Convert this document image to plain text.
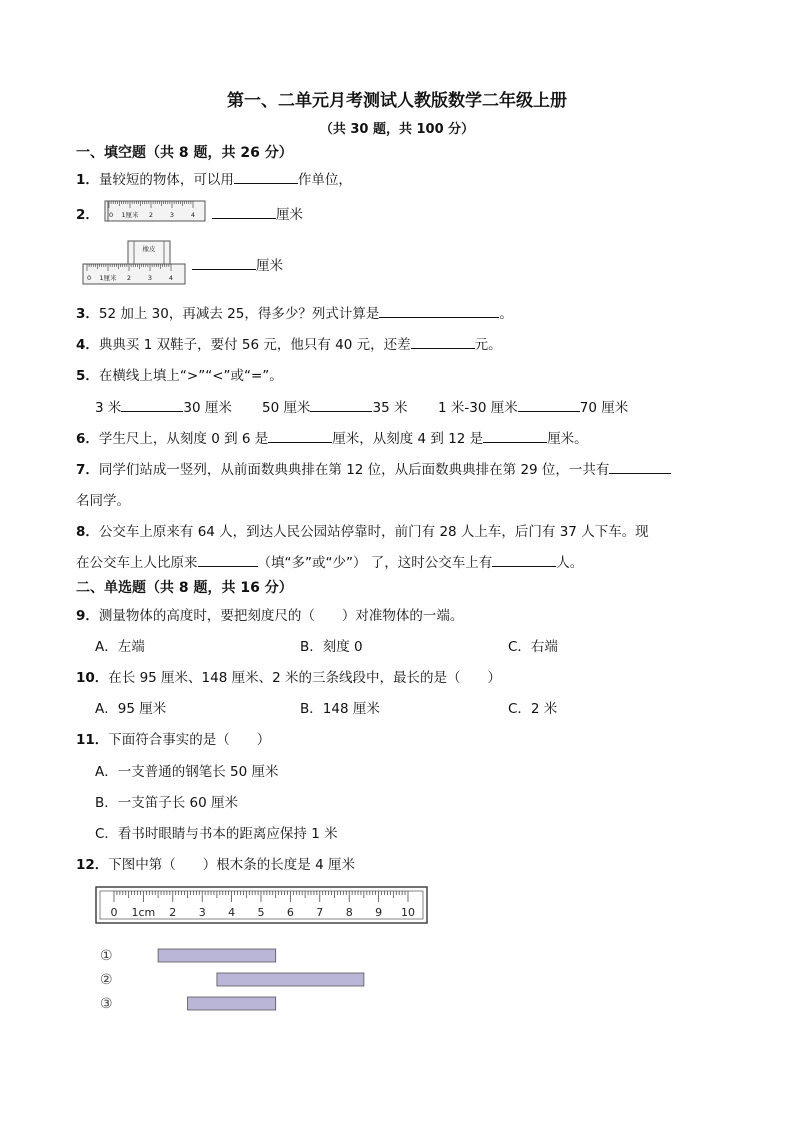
第一、二单元月考测试人教版数学二年级上册
（共 30 题，共 100 分）
一、填空题（共 8 题，共 26 分）
1．量较短的物体，可以用	作单位，
2． 0 1厘米 2	3	4	厘米
橡皮
0 1厘米 2	3	4
厘米
3．52 加上 30，再减去 25，得多少？列式计算是	。
4．典典买 1 双鞋子，要付 56 元，他只有 40 元，还差	元。
5．在横线上填上“>”“<”或“=”。
3 米	30 厘米 50 厘米	35 米 1 米-30 厘米	70 厘米
6．学生尺上，从刻度 0 到 6 是	厘米，从刻度 4 到 12 是	厘米。
7．同学们站成一竖列，从前面数典典排在第 12 位，从后面数典典排在第 29 位，一共有
名同学。
8．公交车上原来有 64 人，到达人民公园站停靠时，前门有 28 人上车，后门有 37 人下车。现
在公交车上人比原来	（填“多”或“少”） 了，这时公交车上有	人。
二、单选题（共 8 题，共 16 分）
9．测量物体的高度时，要把刻度尺的（　　）对准物体的一端。
A．左端	B．刻度 0	C．右端
10．在长 95 厘米、148 厘米、2 米的三条线段中，最长的是（　　）
A．95 厘米	B．148 厘米	C．2 米
11．下面符合事实的是（　　）
A．一支普通的钢笔长 50 厘米
B．一支笛子长 60 厘米
C．看书时眼睛与书本的距离应保持 1 米
12．下图中第（　　）根木条的长度是 4 厘米
0 1cm 2 3 4 5 6 7 8 9 10
①
②
③
